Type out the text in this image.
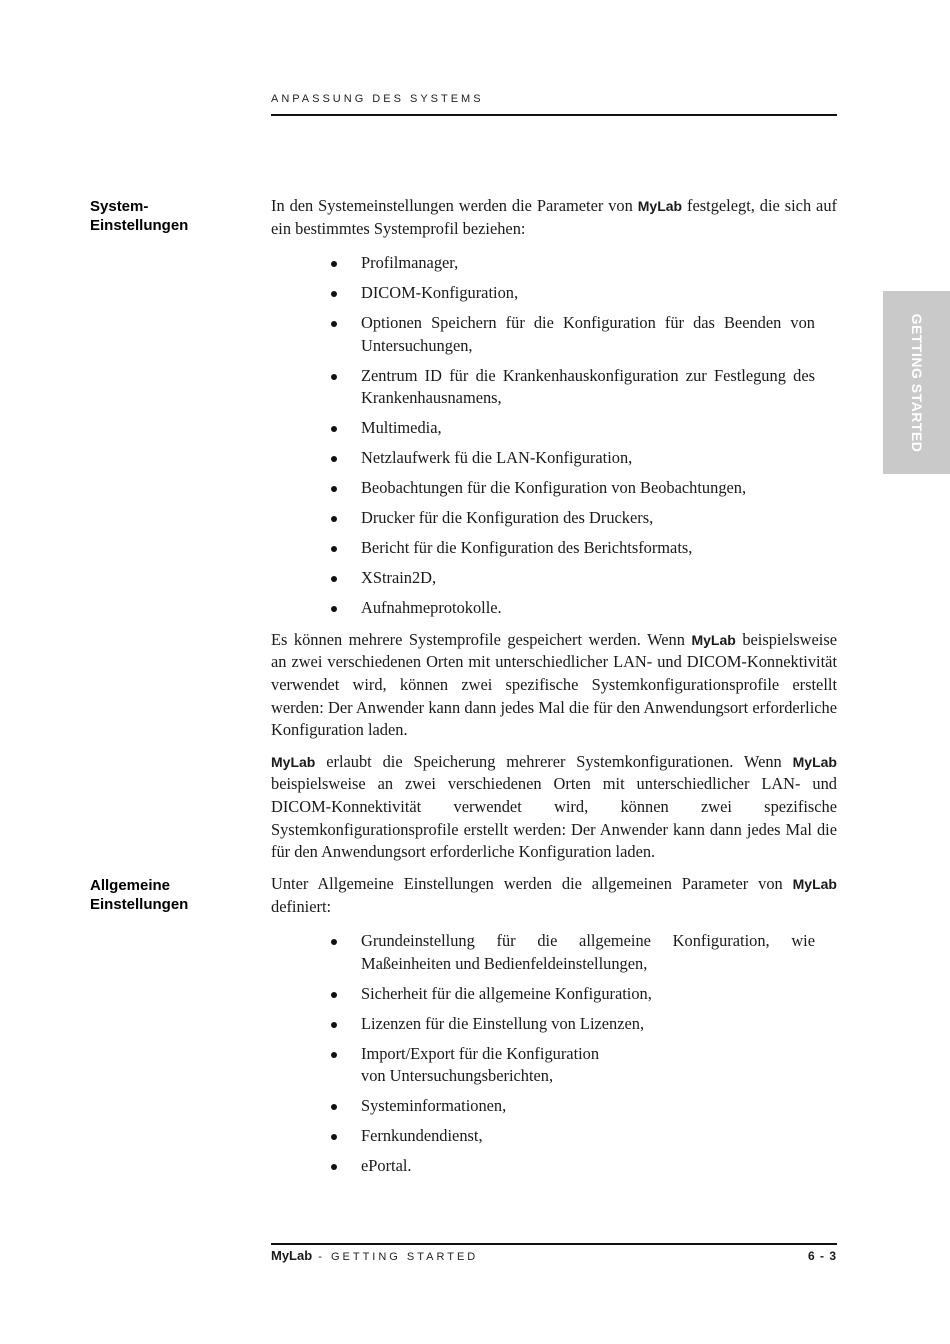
ANPASSUNG DES SYSTEMS
GETTING STARTED
System-
Einstellungen

In den Systemeinstellungen werden die Parameter von MyLab festgelegt, die sich auf ein bestimmtes Systemprofil beziehen:

Profilmanager,
DICOM-Konfiguration,
Optionen Speichern für die Konfiguration für das Beenden von Untersuchungen,
Zentrum ID für die Krankenhauskonfiguration zur Festlegung des Krankenhausnamens,
Multimedia,
Netzlaufwerk fü die LAN-Konfiguration,
Beobachtungen für die Konfiguration von Beobachtungen,
Drucker für die Konfiguration des Druckers,
Bericht für die Konfiguration des Berichtsformats,
XStrain2D,
Aufnahmeprotokolle.

Es können mehrere Systemprofile gespeichert werden. Wenn MyLab beispielsweise an zwei verschiedenen Orten mit unterschiedlicher LAN- und DICOM-Konnektivität verwendet wird, können zwei spezifische Systemkonfigurationsprofile erstellt werden: Der Anwender kann dann jedes Mal die für den Anwendungsort erforderliche Konfiguration laden.

MyLab erlaubt die Speicherung mehrerer Systemkonfigurationen. Wenn MyLab beispielsweise an zwei verschiedenen Orten mit unterschiedlicher LAN- und DICOM-Konnektivität verwendet wird, können zwei spezifische Systemkonfigurationsprofile erstellt werden: Der Anwender kann dann jedes Mal die für den Anwendungsort erforderliche Konfiguration laden.

Allgemeine
Einstellungen

Unter Allgemeine Einstellungen werden die allgemeinen Parameter von MyLab definiert:

Grundeinstellung für die allgemeine Konfiguration, wie Maßeinheiten und Bedienfeldeinstellungen,
Sicherheit für die allgemeine Konfiguration,
Lizenzen für die Einstellung von Lizenzen,
Import/Export für die Konfiguration
von Untersuchungsberichten,
Systeminformationen,
Fernkundendienst,
ePortal.
MyLab - GETTING STARTED	6 - 3
